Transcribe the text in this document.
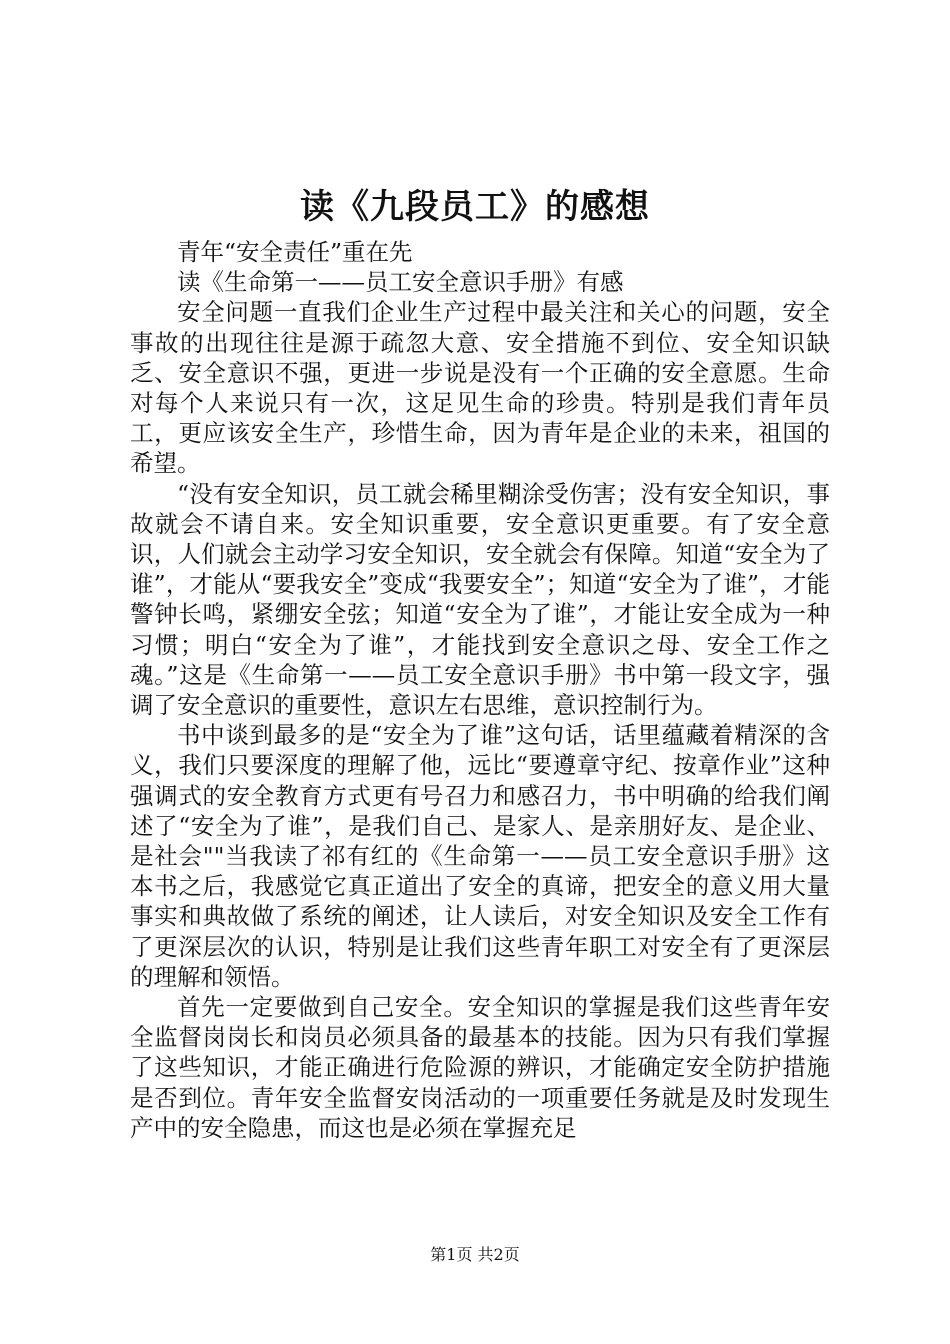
读《九段员工》的感想

青年“安全责任”重在先

读《生命第一——员工安全意识手册》有感

安全问题一直我们企业生产过程中最关注和关心的问题，安全事故的出现往往是源于疏忽大意、安全措施不到位、安全知识缺乏、安全意识不强，更进一步说是没有一个正确的安全意愿。生命对每个人来说只有一次，这足见生命的珍贵。特别是我们青年员工，更应该安全生产，珍惜生命，因为青年是企业的未来，祖国的希望。

“没有安全知识，员工就会稀里糊涂受伤害；没有安全知识，事故就会不请自来。安全知识重要，安全意识更重要。有了安全意识，人们就会主动学习安全知识，安全就会有保障。知道“安全为了谁”，才能从“要我安全”变成“我要安全”；知道“安全为了谁”，才能警钟长鸣，紧绷安全弦；知道“安全为了谁”，才能让安全成为一种习惯；明白“安全为了谁”，才能找到安全意识之母、安全工作之魂。”这是《生命第一——员工安全意识手册》书中第一段文字，强调了安全意识的重要性，意识左右思维，意识控制行为。

书中谈到最多的是“安全为了谁”这句话，话里蕴藏着精深的含义，我们只要深度的理解了他，远比“要遵章守纪、按章作业”这种强调式的安全教育方式更有号召力和感召力，书中明确的给我们阐述了“安全为了谁”，是我们自己、是家人、是亲朋好友、是企业、是社会""当我读了祁有红的《生命第一——员工安全意识手册》这本书之后，我感觉它真正道出了安全的真谛，把安全的意义用大量事实和典故做了系统的阐述，让人读后，对安全知识及安全工作有了更深层次的认识，特别是让我们这些青年职工对安全有了更深层的理解和领悟。

首先一定要做到自己安全。安全知识的掌握是我们这些青年安全监督岗岗长和岗员必须具备的最基本的技能。因为只有我们掌握了这些知识，才能正确进行危险源的辨识，才能确定安全防护措施是否到位。青年安全监督安岗活动的一项重要任务就是及时发现生产中的安全隐患，而这也是必须在掌握充足

第1页 共2页
